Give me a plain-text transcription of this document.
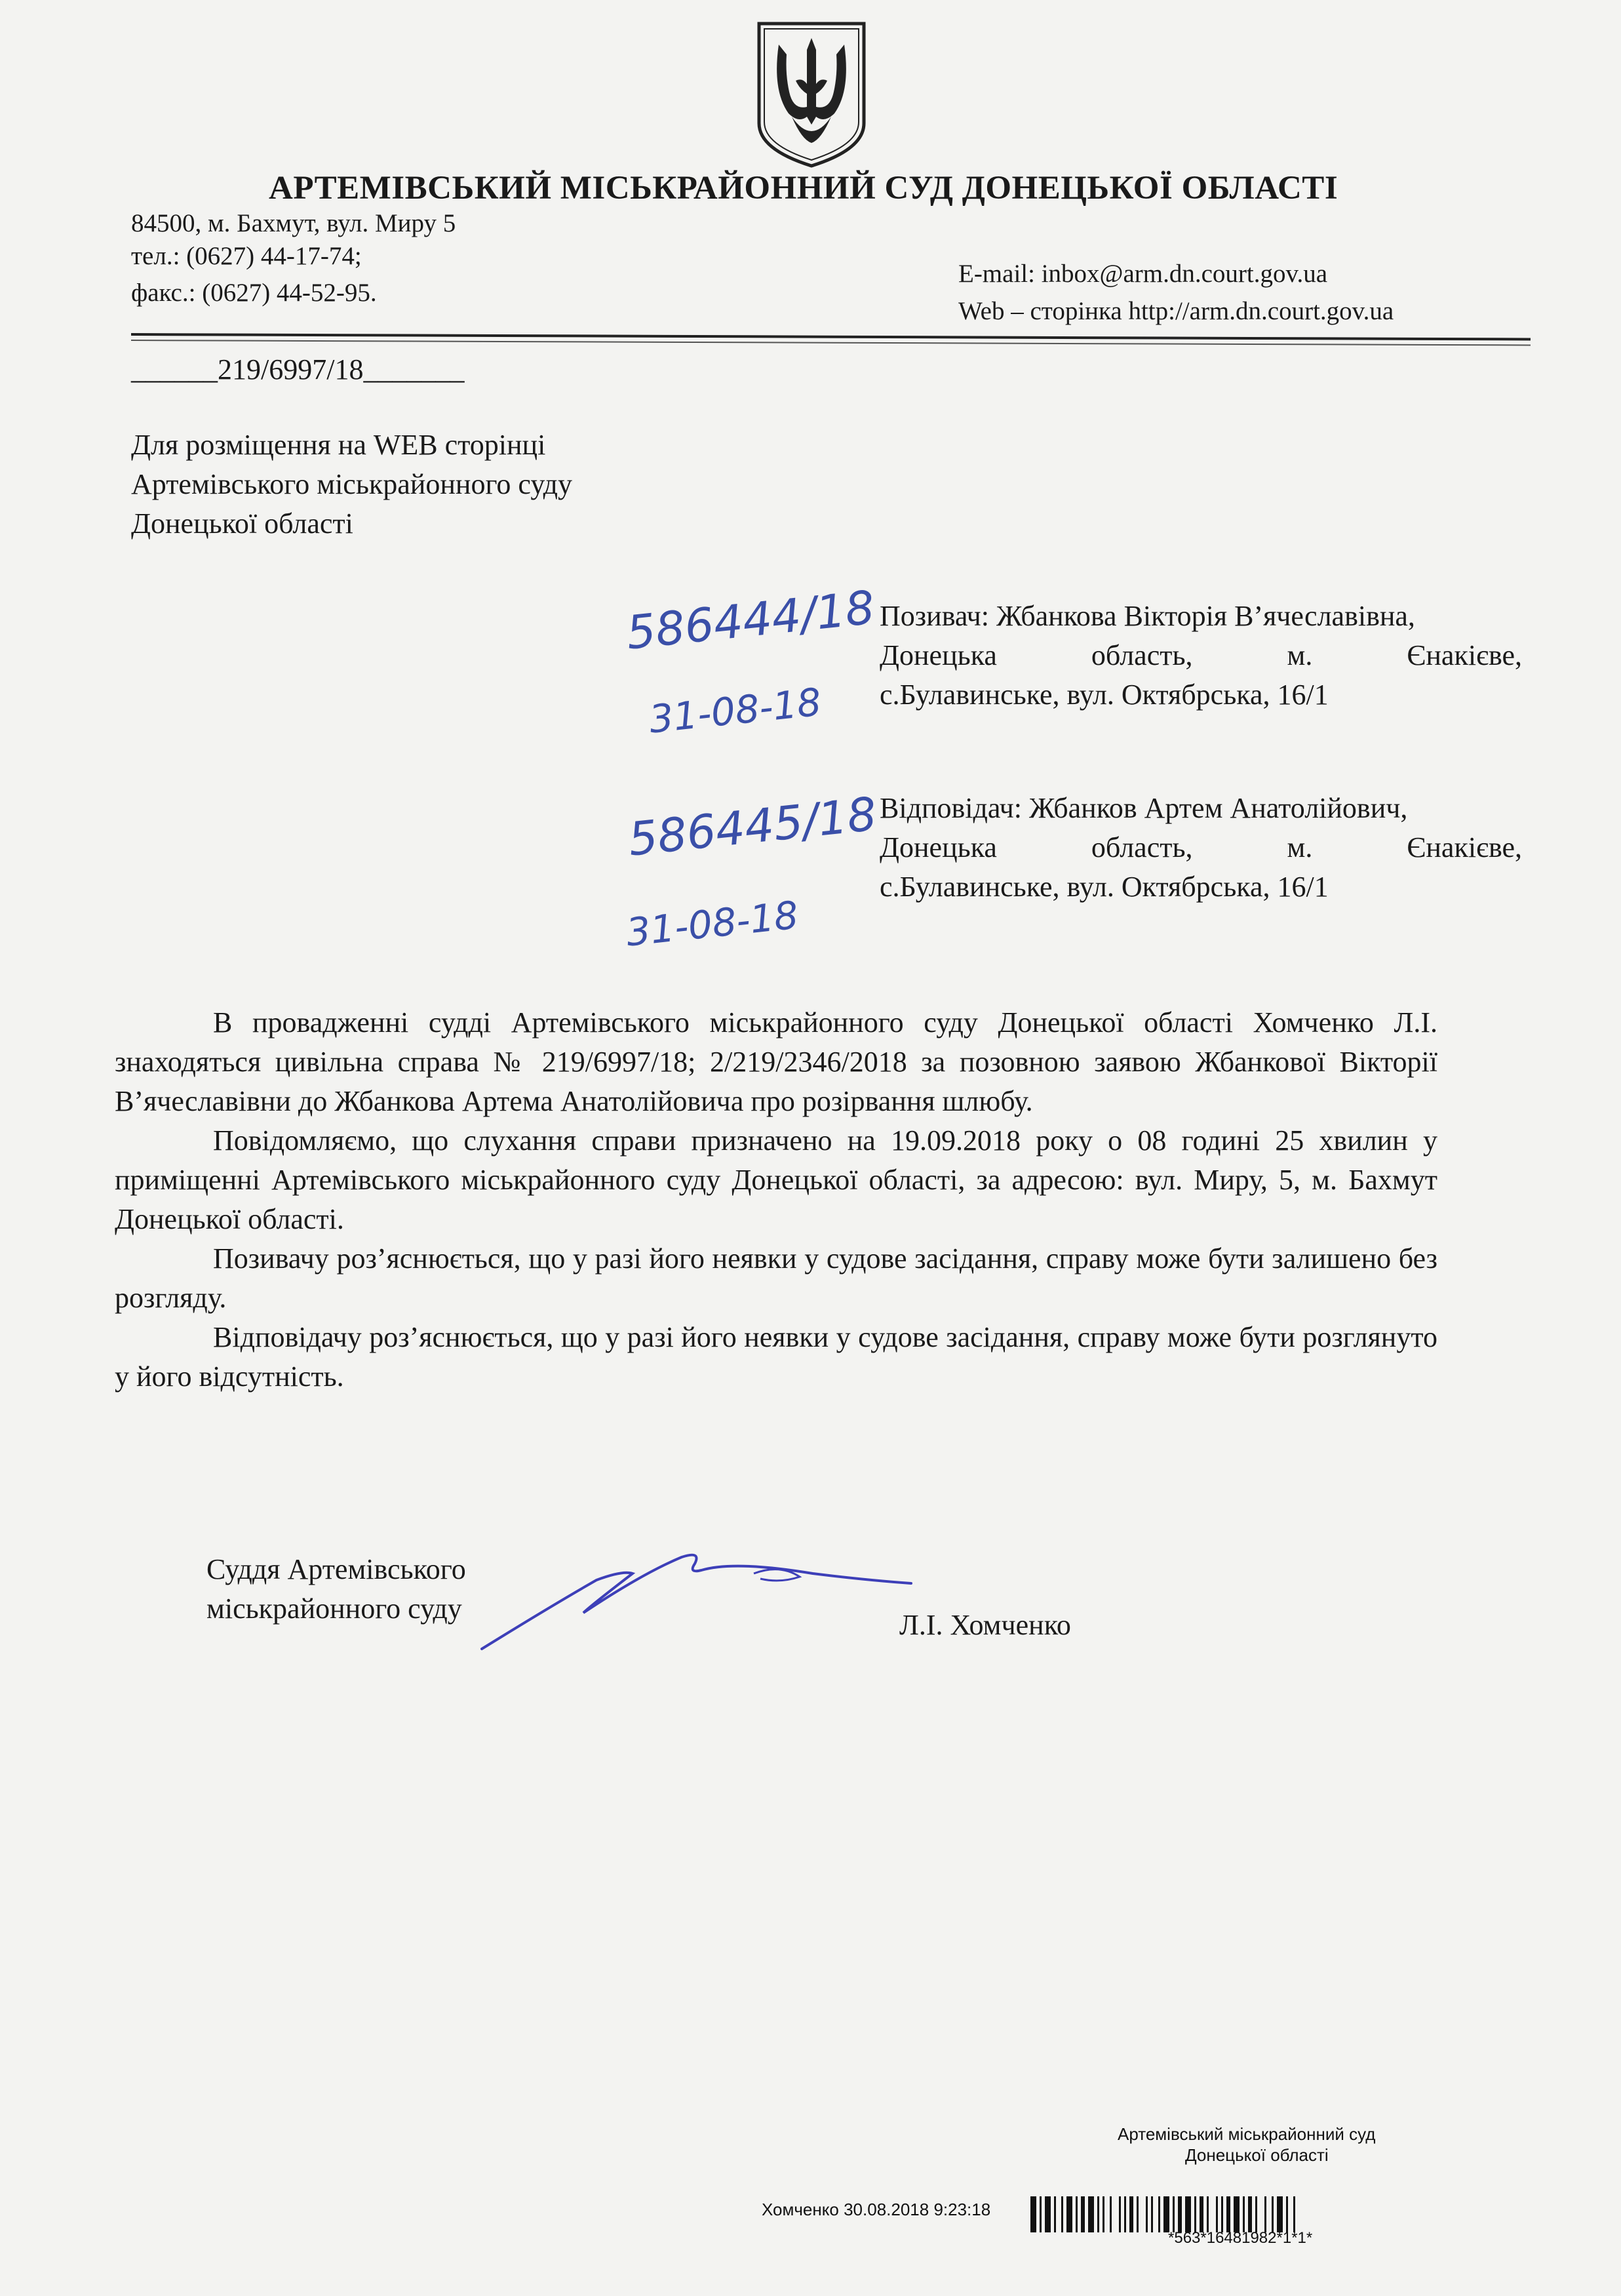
АРТЕМІВСЬКИЙ МІСЬКРАЙОННИЙ СУД ДОНЕЦЬКОЇ ОБЛАСТІ
84500, м. Бахмут, вул. Миру 5
тел.: (0627) 44-17-74;
факс.: (0627) 44-52-95.
E-mail: inbox@arm.dn.court.gov.ua
Web – сторінка http://arm.dn.court.gov.ua
______219/6997/18_______
Для розміщення на WEB сторінці
Артемівського міськрайонного суду
Донецької області
586444/18
31-08-18
586445/18
31-08-18
Позивач: Жбанкова Вікторія В’ячеславівна,
Донецька область, м. Єнакієве,
с.Булавинське, вул. Октябрська, 16/1
Відповідач: Жбанков Артем Анатолійович,
Донецька область, м. Єнакієве,
с.Булавинське, вул. Октябрська, 16/1

В провадженні судді Артемівського міськрайонного суду Донецької області Хомченко Л.І. знаходяться цивільна справа № 219/6997/18; 2/219/2346/2018 за позовною заявою Жбанкової Вікторії В’ячеславівни до Жбанкова Артема Анатолійовича про розірвання шлюбу.

Повідомляємо, що слухання справи призначено на 19.09.2018 року о 08 годині 25 хвилин у приміщенні Артемівського міськрайонного суду Донецької області, за адресою: вул. Миру, 5, м. Бахмут Донецької області.

Позивачу роз’яснюється, що у разі його неявки у судове засідання, справу може бути залишено без розгляду.

Відповідачу роз’яснюється, що у разі його неявки у судове засідання, справу може бути розглянуто у його відсутність.

Суддя Артемівського
міськрайонного суду
Л.І. Хомченко
Артемівський міськрайонний суд
Донецької області
Хомченко 30.08.2018 9:23:18
*563*16481982*1*1*
